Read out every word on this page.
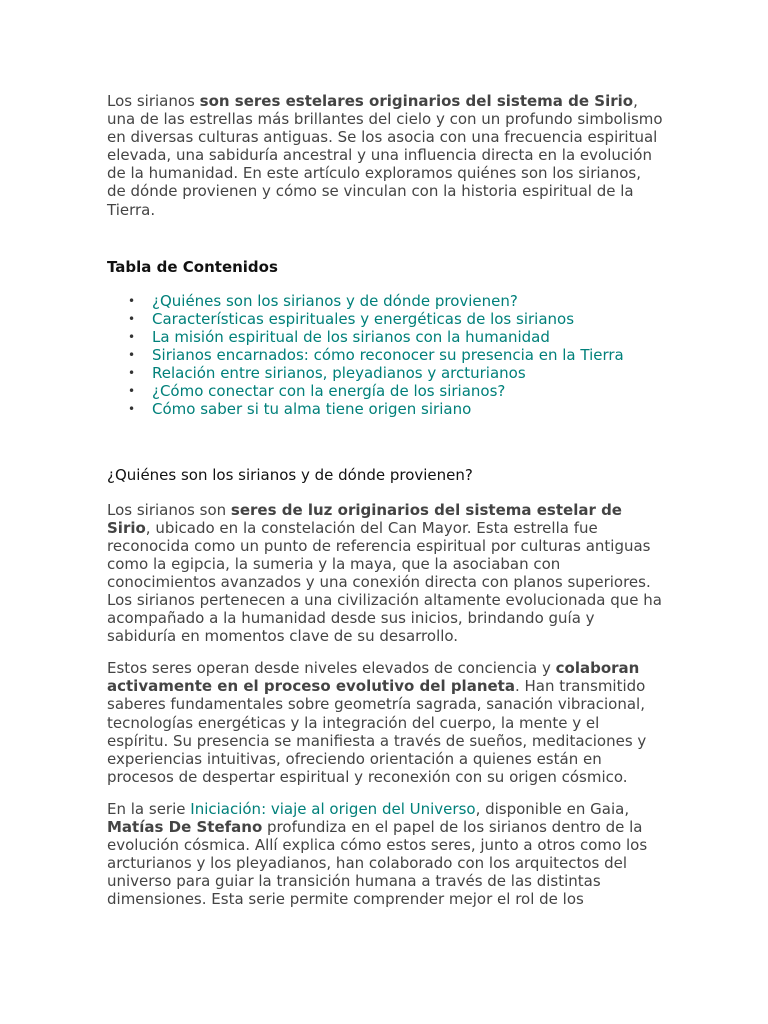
Los sirianos son seres estelares originarios del sistema de Sirio, una de las estrellas más brillantes del cielo y con un profundo simbolismo en diversas culturas antiguas. Se los asocia con una frecuencia espiritual elevada, una sabiduría ancestral y una influencia directa en la evolución de la humanidad. En este artículo exploramos quiénes son los sirianos, de dónde provienen y cómo se vinculan con la historia espiritual de la Tierra.

Tabla de Contenidos

• ¿Quiénes son los sirianos y de dónde provienen?
• Características espirituales y energéticas de los sirianos
• La misión espiritual de los sirianos con la humanidad
• Sirianos encarnados: cómo reconocer su presencia en la Tierra
• Relación entre sirianos, pleyadianos y arcturianos
• ¿Cómo conectar con la energía de los sirianos?
• Cómo saber si tu alma tiene origen siriano

¿Quiénes son los sirianos y de dónde provienen?

Los sirianos son seres de luz originarios del sistema estelar de Sirio, ubicado en la constelación del Can Mayor. Esta estrella fue reconocida como un punto de referencia espiritual por culturas antiguas como la egipcia, la sumeria y la maya, que la asociaban con conocimientos avanzados y una conexión directa con planos superiores. Los sirianos pertenecen a una civilización altamente evolucionada que ha acompañado a la humanidad desde sus inicios, brindando guía y sabiduría en momentos clave de su desarrollo.

Estos seres operan desde niveles elevados de conciencia y colaboran activamente en el proceso evolutivo del planeta. Han transmitido saberes fundamentales sobre geometría sagrada, sanación vibracional, tecnologías energéticas y la integración del cuerpo, la mente y el espíritu. Su presencia se manifiesta a través de sueños, meditaciones y experiencias intuitivas, ofreciendo orientación a quienes están en procesos de despertar espiritual y reconexión con su origen cósmico.

En la serie Iniciación: viaje al origen del Universo, disponible en Gaia, Matías De Stefano profundiza en el papel de los sirianos dentro de la evolución cósmica. Allí explica cómo estos seres, junto a otros como los arcturianos y los pleyadianos, han colaborado con los arquitectos del universo para guiar la transición humana a través de las distintas dimensiones. Esta serie permite comprender mejor el rol de los
